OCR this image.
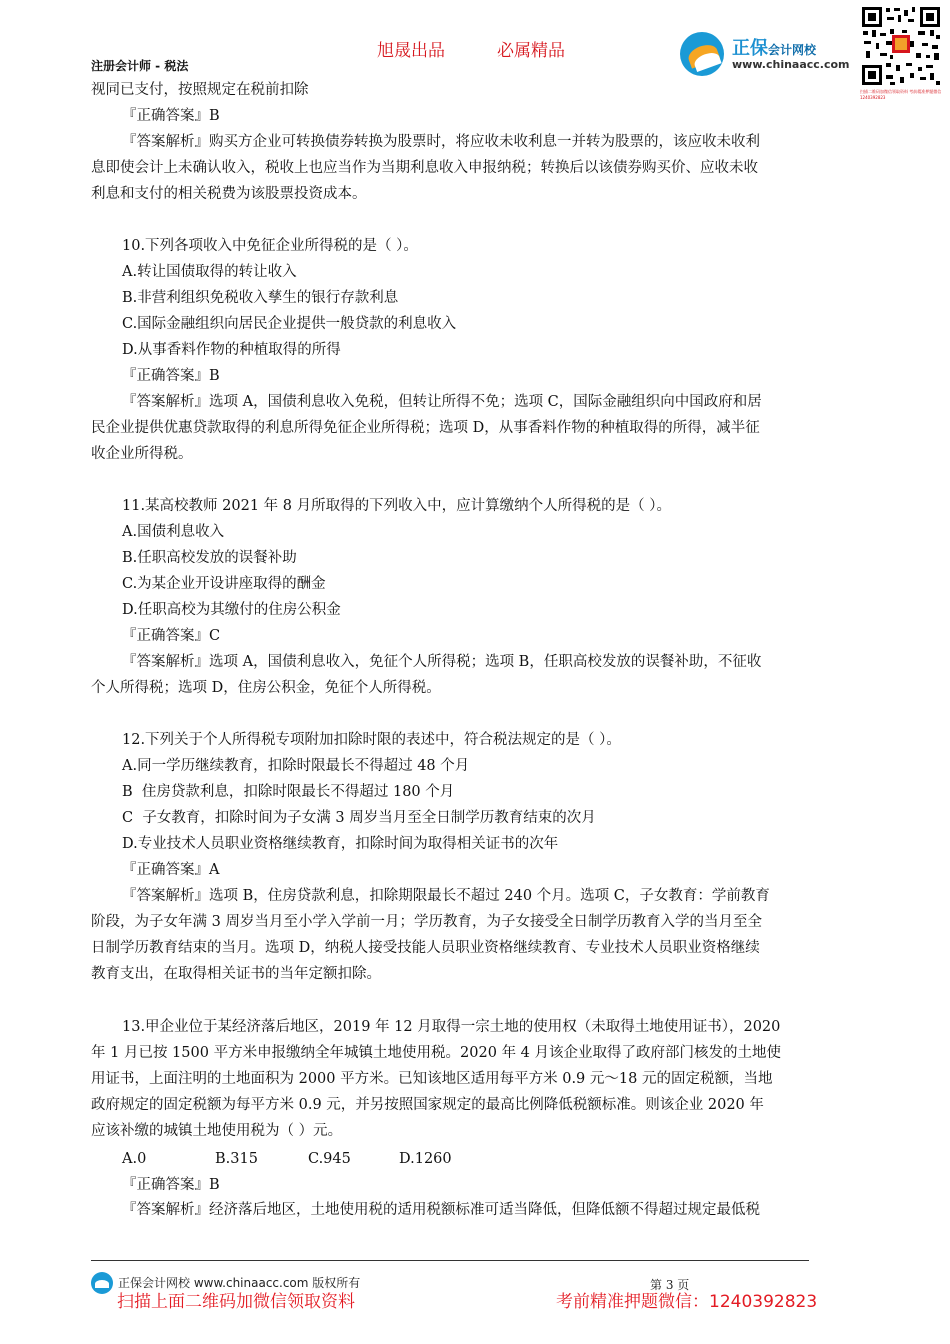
旭晟出品	必属精品
注册会计师 - 税法
正保会计网校
www.chinaacc.com
扫描二维码加微信领取资料 考前精准押题微信 1240392823
视同已支付，按照规定在税前扣除
『正确答案』B
『答案解析』购买方企业可转换债券转换为股票时，将应收未收利息一并转为股票的，该应收未收利
息即使会计上未确认收入，税收上也应当作为当期利息收入申报纳税；转换后以该债券购买价、应收未收
利息和支付的相关税费为该股票投资成本。
10.下列各项收入中免征企业所得税的是（ ）。
A.转让国债取得的转让收入
B.非营利组织免税收入孳生的银行存款利息
C.国际金融组织向居民企业提供一般贷款的利息收入
D.从事香料作物的种植取得的所得
『正确答案』B
『答案解析』选项 A，国债利息收入免税，但转让所得不免；选项 C，国际金融组织向中国政府和居
民企业提供优惠贷款取得的利息所得免征企业所得税；选项 D，从事香料作物的种植取得的所得，减半征
收企业所得税。
11.某高校教师 2021 年 8 月所取得的下列收入中，应计算缴纳个人所得税的是（ ）。
A.国债利息收入
B.任职高校发放的误餐补助
C.为某企业开设讲座取得的酬金
D.任职高校为其缴付的住房公积金
『正确答案』C
『答案解析』选项 A，国债利息收入，免征个人所得税；选项 B，任职高校发放的误餐补助，不征收
个人所得税；选项 D，住房公积金，免征个人所得税。
12.下列关于个人所得税专项附加扣除时限的表述中，符合税法规定的是（ ）。
A.同一学历继续教育，扣除时限最长不得超过 48 个月
B  住房贷款利息，扣除时限最长不得超过 180 个月
C  子女教育，扣除时间为子女满 3 周岁当月至全日制学历教育结束的次月
D.专业技术人员职业资格继续教育，扣除时间为取得相关证书的次年
『正确答案』A
『答案解析』选项 B，住房贷款利息，扣除期限最长不超过 240 个月。选项 C，子女教育：学前教育
阶段，为子女年满 3 周岁当月至小学入学前一月；学历教育，为子女接受全日制学历教育入学的当月至全
日制学历教育结束的当月。选项 D，纳税人接受技能人员职业资格继续教育、专业技术人员职业资格继续
教育支出，在取得相关证书的当年定额扣除。
13.甲企业位于某经济落后地区，2019 年 12 月取得一宗土地的使用权（未取得土地使用证书），2020
年 1 月已按 1500 平方米申报缴纳全年城镇土地使用税。2020 年 4 月该企业取得了政府部门核发的土地使
用证书，上面注明的土地面积为 2000 平方米。已知该地区适用每平方米 0.9 元～18 元的固定税额，当地
政府规定的固定税额为每平方米 0.9 元，并另按照国家规定的最高比例降低税额标准。则该企业 2020 年
应该补缴的城镇土地使用税为（ ）元。
A.0	B.315	C.945	D.1260
『正确答案』B
『答案解析』经济落后地区，土地使用税的适用税额标准可适当降低，但降低额不得超过规定最低税
正保会计网校 www.chinaacc.com 版权所有	第 3 页
扫描上面二维码加微信领取资料	考前精准押题微信：1240392823
